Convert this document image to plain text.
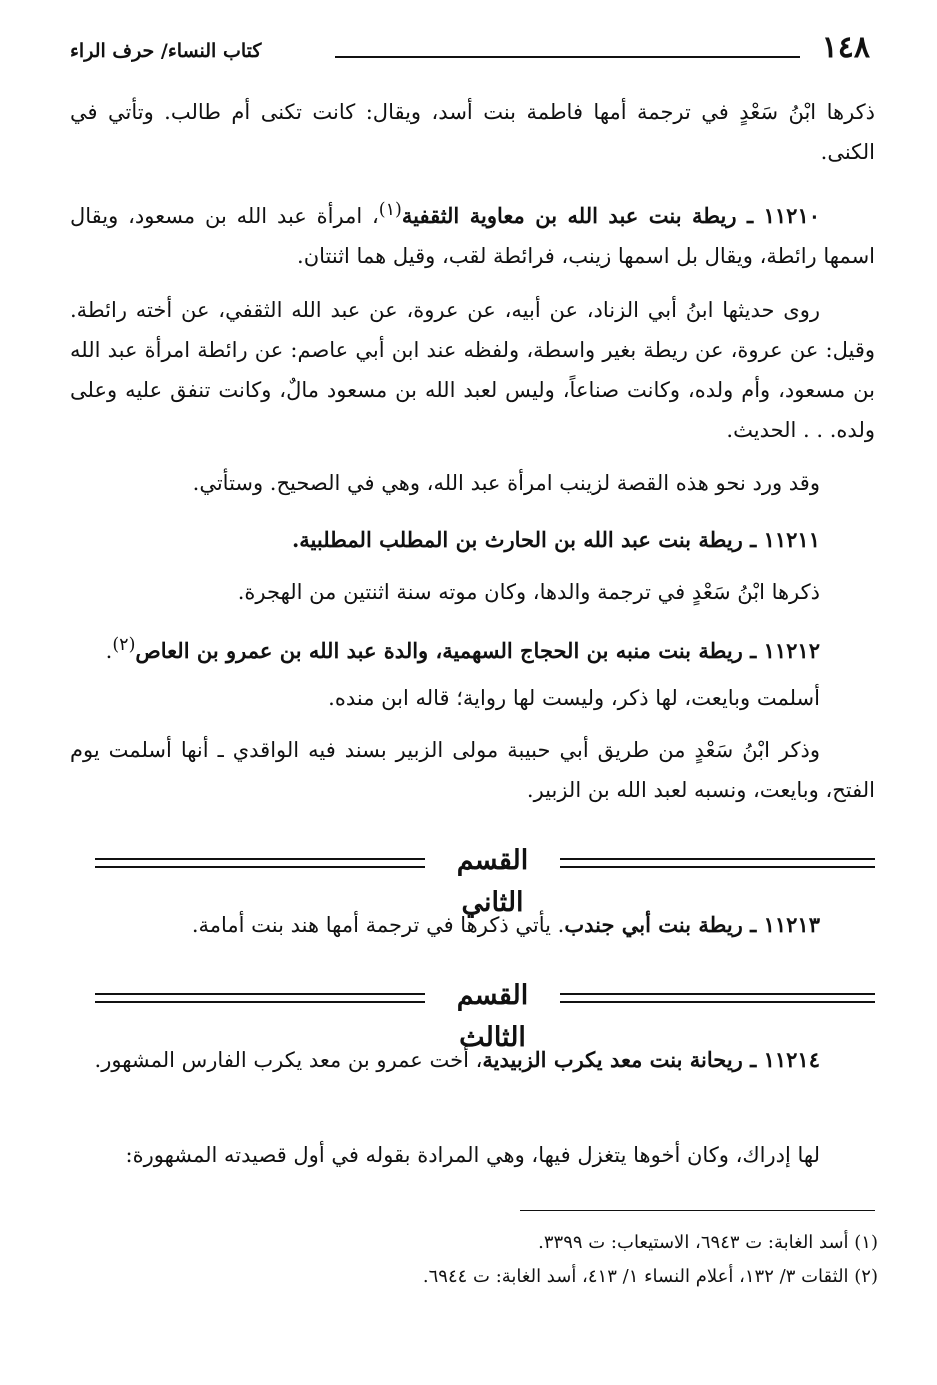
١٤٨
كتاب النساء/ حرف الراء
ذكرها ابْنُ سَعْدٍ في ترجمة أمها فاطمة بنت أسد، ويقال: كانت تكنى أم طالب. وتأتي في الكنى.
١١٢١٠ ـ ريطة بنت عبد الله بن معاوية الثقفية$^{(١)}$، امرأة عبد الله بن مسعود، ويقال اسمها رائطة، ويقال بل اسمها زينب، فرائطة لقب، وقيل هما اثنتان.
روى حديثها ابنُ أبي الزناد، عن أبيه، عن عروة، عن عبد الله الثقفي، عن أخته رائطة. وقيل: عن عروة، عن ريطة بغير واسطة، ولفظه عند ابن أبي عاصم: عن رائطة امرأة عبد الله بن مسعود، وأم ولده، وكانت صناعاً، وليس لعبد الله بن مسعود مالٌ، وكانت تنفق عليه وعلى ولده. . . الحديث.
وقد ورد نحو هذه القصة لزينب امرأة عبد الله، وهي في الصحيح. وستأتي.
١١٢١١ ـ ريطة بنت عبد الله بن الحارث بن المطلب المطلبية.
ذكرها ابْنُ سَعْدٍ في ترجمة والدها، وكان موته سنة اثنتين من الهجرة.
١١٢١٢ ـ ريطة بنت منبه بن الحجاج السهمية، والدة عبد الله بن عمرو بن العاص$^{(٢)}$.
أسلمت وبايعت، لها ذكر، وليست لها رواية؛ قاله ابن منده.
وذكر ابْنُ سَعْدٍ من طريق أبي حبيبة مولى الزبير بسند فيه الواقدي ـ أنها أسلمت يوم الفتح، وبايعت، ونسبه لعبد الله بن الزبير.
القسم الثاني
١١٢١٣ ـ ريطة بنت أبي جندب. يأتي ذكرها في ترجمة أمها هند بنت أمامة.
القسم الثالث
١١٢١٤ ـ ريحانة بنت معد يكرب الزبيدية، أخت عمرو بن معد يكرب الفارس المشهور.
لها إدراك، وكان أخوها يتغزل فيها، وهي المرادة بقوله في أول قصيدته المشهورة:
(١) أسد الغابة: ت ٦٩٤٣، الاستيعاب: ت ٣٣٩٩.
(٢) الثقات ٣/ ١٣٢، أعلام النساء ١/ ٤١٣، أسد الغابة: ت ٦٩٤٤.
